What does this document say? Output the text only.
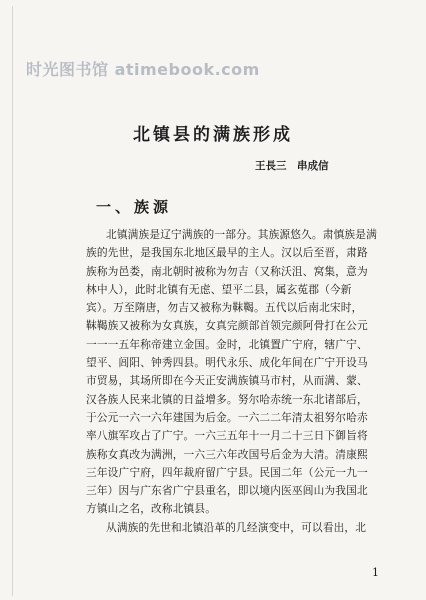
时光图书馆 atimebook.com
北镇县的满族形成
王長三　串成信
一、族源
北镇满族是辽宁满族的一部分。其族源悠久。肃慎族是满
族的先世，是我国东北地区最早的主人。汉以后至晋，肃路
族称为邑娄，南北朝时被称为勿吉（又称沃沮、窝集，意为
林中人），此时北镇有无虑、望平二县，属玄菟郡（今新
宾）。万至隋唐，勿吉又被称为靺鞨。五代以后南北宋时，
靺鞨族又被称为女真族，女真完颜部首领完颜阿骨打在公元
一一一五年称帝建立金国。金时，北镇置广宁府，辖广宁、
望平、闾阳、钟秀四县。明代永乐、成化年间在广宁开设马
市贸易，其场所即在今天正安满族镇马市村，从而满、蒙、
汉各族人民来北镇的日益增多。努尔哈赤统一东北诸部后，
于公元一六一六年建国为后金。一六二二年清太祖努尔哈赤
率八旗军攻占了广宁。一六三五年十一月二十三日下御旨将
族称女真改为满洲，一六三六年改国号后金为大清。清康熙
三年设广宁府，四年裁府留广宁县。民国二年（公元一九一
三年）因与广东省广宁县重名，即以境内医巫闾山为我国北
方镇山之名，改称北镇县。
从满族的先世和北镇沿革的几经演变中，可以看出，北
1
